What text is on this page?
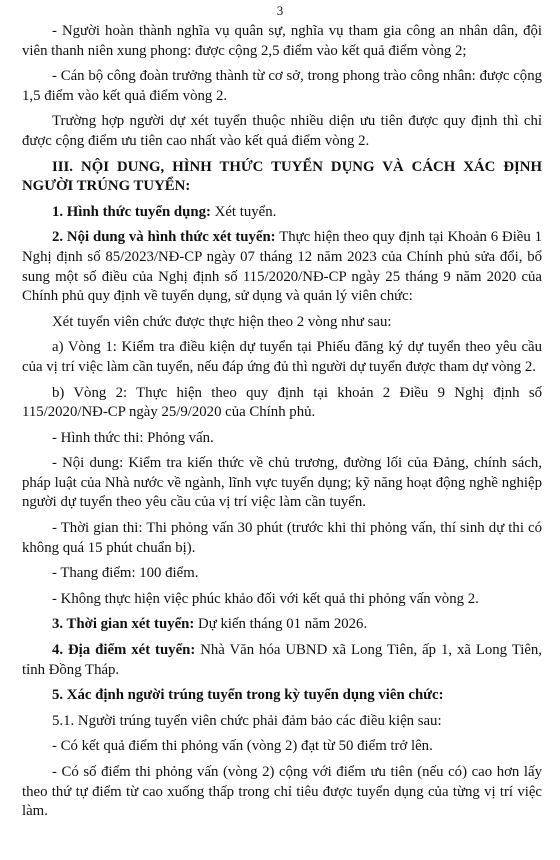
3

- Người hoàn thành nghĩa vụ quân sự, nghĩa vụ tham gia công an nhân dân, đội viên thanh niên xung phong: được cộng 2,5 điểm vào kết quả điểm vòng 2;

- Cán bộ công đoàn trưởng thành từ cơ sở, trong phong trào công nhân: được cộng 1,5 điểm vào kết quả điểm vòng 2.

Trường hợp người dự xét tuyển thuộc nhiều diện ưu tiên được quy định thì chỉ được cộng điểm ưu tiên cao nhất vào kết quả điểm vòng 2.

III. NỘI DUNG, HÌNH THỨC TUYỂN DỤNG VÀ CÁCH XÁC ĐỊNH NGƯỜI TRÚNG TUYỂN:

1. Hình thức tuyển dụng: Xét tuyển.

2. Nội dung và hình thức xét tuyển: Thực hiện theo quy định tại Khoản 6 Điều 1 Nghị định số 85/2023/NĐ-CP ngày 07 tháng 12 năm 2023 của Chính phủ sửa đổi, bổ sung một số điều của Nghị định số 115/2020/NĐ-CP ngày 25 tháng 9 năm 2020 của Chính phủ quy định về tuyển dụng, sử dụng và quản lý viên chức:

Xét tuyển viên chức được thực hiện theo 2 vòng như sau:

a) Vòng 1: Kiểm tra điều kiện dự tuyển tại Phiếu đăng ký dự tuyển theo yêu cầu của vị trí việc làm cần tuyển, nếu đáp ứng đủ thì người dự tuyển được tham dự vòng 2.

b) Vòng 2: Thực hiện theo quy định tại khoản 2 Điều 9 Nghị định số 115/2020/NĐ-CP ngày 25/9/2020 của Chính phủ.

- Hình thức thi: Phỏng vấn.

- Nội dung: Kiểm tra kiến thức về chủ trương, đường lối của Đảng, chính sách, pháp luật của Nhà nước về ngành, lĩnh vực tuyển dụng; kỹ năng hoạt động nghề nghiệp người dự tuyển theo yêu cầu của vị trí việc làm cần tuyển.

- Thời gian thi: Thi phỏng vấn 30 phút (trước khi thi phỏng vấn, thí sinh dự thi có không quá 15 phút chuẩn bị).

- Thang điểm: 100 điểm.

- Không thực hiện việc phúc khảo đối với kết quả thi phỏng vấn vòng 2.

3. Thời gian xét tuyển: Dự kiến tháng 01 năm 2026.

4. Địa điểm xét tuyển: Nhà Văn hóa UBND xã Long Tiên, ấp 1, xã Long Tiên, tỉnh Đồng Tháp.

5. Xác định người trúng tuyển trong kỳ tuyển dụng viên chức:

5.1. Người trúng tuyển viên chức phải đảm bảo các điều kiện sau:

- Có kết quả điểm thi phỏng vấn (vòng 2) đạt từ 50 điểm trở lên.

- Có số điểm thi phỏng vấn (vòng 2) cộng với điểm ưu tiên (nếu có) cao hơn lấy theo thứ tự điểm từ cao xuống thấp trong chỉ tiêu được tuyển dụng của từng vị trí việc làm.
